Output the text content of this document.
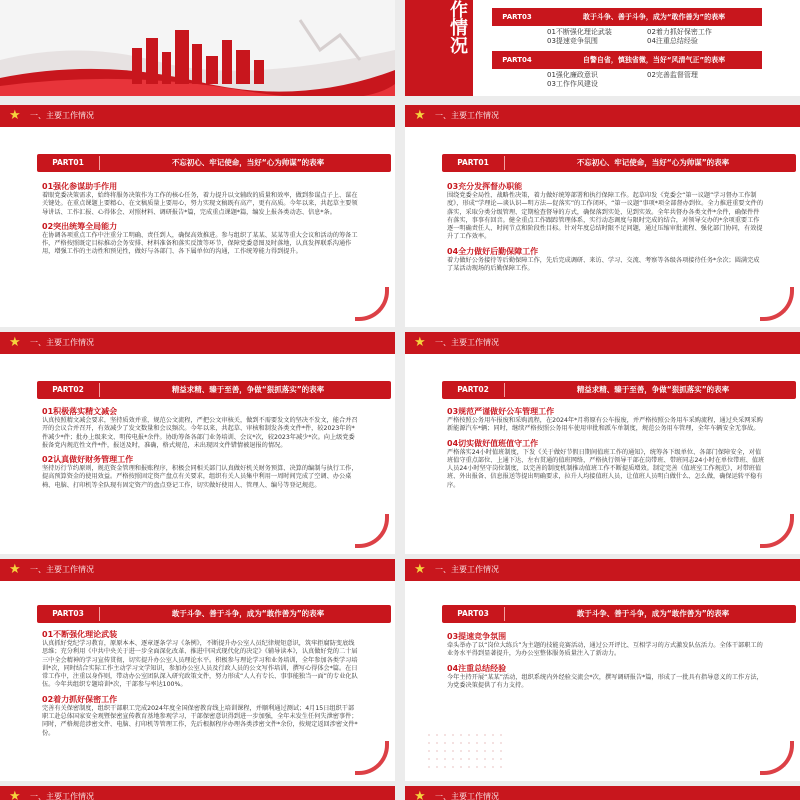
作情况	PART03	敢于斗争、善于斗争，成为“敢作善为”的表率
01不断强化理论武装	02着力抓好保密工作
03提速竞争氛围	04注重总结经验
PART04	自警自省，慎独省微，当好“风清气正”的表率
01强化廉政意识	02完善监督管理
03工作作风建设
★ 一、主要工作情况
PART01	不忘初心、牢记使命，当好“心为帅谋”的表率
01强化参谋助手作用
着眼党委决策需求，始终将服务决策作为工作的核心任务，着力提升以文辅政的质量和效率，做到参谋点子上、谋在关键处。在重点课题上要精心、在文稿质量上要用心，努力实现文稿既有高产，更有高质。今年以来，共起草主要领导讲话、工作汇报、心得体会、对照材料、调研报告*篇，完成重点课题*篇，编发上报各类动态、信息*条。
02突出统筹全局能力
在协调各项重点工作中注重分工明确、责任到人，确保高效推进。参与组织了某某、某某等重大会议和活动的筹备工作，严格按照既定目标推动会务安排、材料准备和落实反馈等环节，保障党委意图及时落地，认真发挥联系沟通作用，增强工作的主动性和预见性，做好与各部门、各下属单位的沟通，工作统筹能力得到提升。
★ 一、主要工作情况
PART01	不忘初心、牢记使命，当好“心为帅谋”的表率
03充分发挥督办职能
围绕党委全局性、战略性决策，着力做好统筹部署和执行保障工作。起草印发《党委会“第一议题”学习督办工作制度》，形成“学理论—谈认识—明方法—促落实”的工作闭环，“第一议题”事项*项全部督办到位。全力推进重要文件的落实，采取分类分级管理、定期检查督导的方式，确保落到实处、见到实效。全年共督办各类文件*余件，确保件件有落实，事事有回音。健全重点工作跟踪管理体系，实行动态调度与限时完成的结合，对领导交办的*余项重要工作逐一明确责任人、时间节点和阶段性目标。针对年度总结时限不足问题，通过压缩审批流程、强化部门协同，有效提升了工作效率。
04全力做好后勤保障工作
着力做好公务接待等后勤保障工作，先后完成调研、来访、学习、交流、考察等各级各项接待任务*余次；圆满完成了某活动现场的后勤保障工作。
★ 一、主要工作情况
PART02	精益求精、臻于至善，争做“狠抓落实”的表率
01积极落实精文减会
认真按照精文减会要求，坚持质效并重，规范公文流程，严把公文审核关，做到不需要发文的坚决不发文，能合并召开的会议合并召开，有效减少了发文数量和会议频次。今年以来，共起草、审核和制发各类文件*件，较2023年的*件减少*件；批办上级来文、明传电报*余件。协助筹备各部门业务培训、会议*次，较2023年减少*次。向上级党委报备党内规范性文件*件，报送及时，准确，格式规范，未出现因文件错情被退报的情况。
02认真做好财务管理工作
坚持厉行节约原则，规范资金管理和报账程序，积极会同相关部门认真做好机关财务预算、决算的编制与执行工作，提高预算资金的使用效益。严格按照固定资产盘点有关要求，组织有关人员集中利用一周时间完成了空调、办公桌椅、电脑、打印机等全队现有固定资产的盘点登记工作，切实做好使用人、管理人、编号等登记规范。
★ 一、主要工作情况
PART02	精益求精、臻于至善，争做“狠抓落实”的表率
03规范严谨做好公车管理工作
严格按照公务用车报废和采购流程，在2024年*月将原有公车报废，并严格按照公务用车采购流程，通过央采网采购新能源汽车*辆；同时，继续严格按照公务用车使用审批和派车单制度，规范公务用车管理，全年车辆安全无事故。
04切实做好值班值守工作
严格落实24小时值班制度，下发《关于做好节假日期间值班工作的通知》，统筹各下级单位、各部门保障安全，对值班值守重点部位、上通下达、左右贯通的值班网络，严格执行领导干部在岗带班、带班同志24小时在单位带班、值班人员24小时坚守岗位制度，以完善的制度机制推动值班工作不断提质增效。制定完善《值班室工作规范》，对带班值班、外出报备、信息报送等提出明确要求，拉升人均接值班人员，让值班人员明白做什么、怎么做，确保运转平稳有序。
★ 一、主要工作情况
PART03	敢于斗争、善于斗争，成为“敢作善为”的表率
01不断强化理论武装
认真抓好党纪学习教育，原原本本、逐章逐条学习《条例》，不断提升办公室人员纪律规矩意识，筑牢拒腐防变底线思维；充分利用《中共中央关于进一步全面深化改革、推进中国式现代化的决定》《辅导读本》，认真做好党的二十届三中全会精神的学习宣传贯彻，切实提升办公室人员理论水平。积极参与理论学习和业务培训，全年参加各类学习培训*次，同时结合实际工作主动学习文学知识，参加办公室人员及行政人员的公文写作培训，撰写心得体会*篇。在日常工作中，注重以身作则，带动办公室团队深入研究政策文件，努力形成“人人有专长、事事能独当一面”的专业化队伍。今年共组织专题培训*次，干部参与率达100%。
02着力抓好保密工作
完善有关保密制度，组织干部职工完成2024年度全国保密教育线上培训课程，并顺利通过测试；4月15日组织干部职工赴总体国家安全观暨保密宣传教育基地参观学习，干部保密意识得到进一步加强，全年未发生任何失泄密事件；同时，严格规范涉密文件、电脑、打印机等管理工作，先后根据程序办理各类涉密文件*余份，按规定返回涉密文件*份。
★ 一、主要工作情况
PART03	敢于斗争、善于斗争，成为“敢作善为”的表率
03提速竞争氛围
牵头举办了以“岗位大练兵”为主题的技能竞赛活动，通过公开评比、互相学习的方式激发队伍活力。全体干部职工的业务水平得到显著提升，为办公室整体服务质量注入了新动力。
04注重总结经验
今年主持开展“某某”活动，组织系统内外经验交流会*次，撰写调研报告*篇，形成了一批具有指导意义的工作方法，为党委决策提供了有力支持。
★ 一、主要工作情况	★ 一、主要工作情况
